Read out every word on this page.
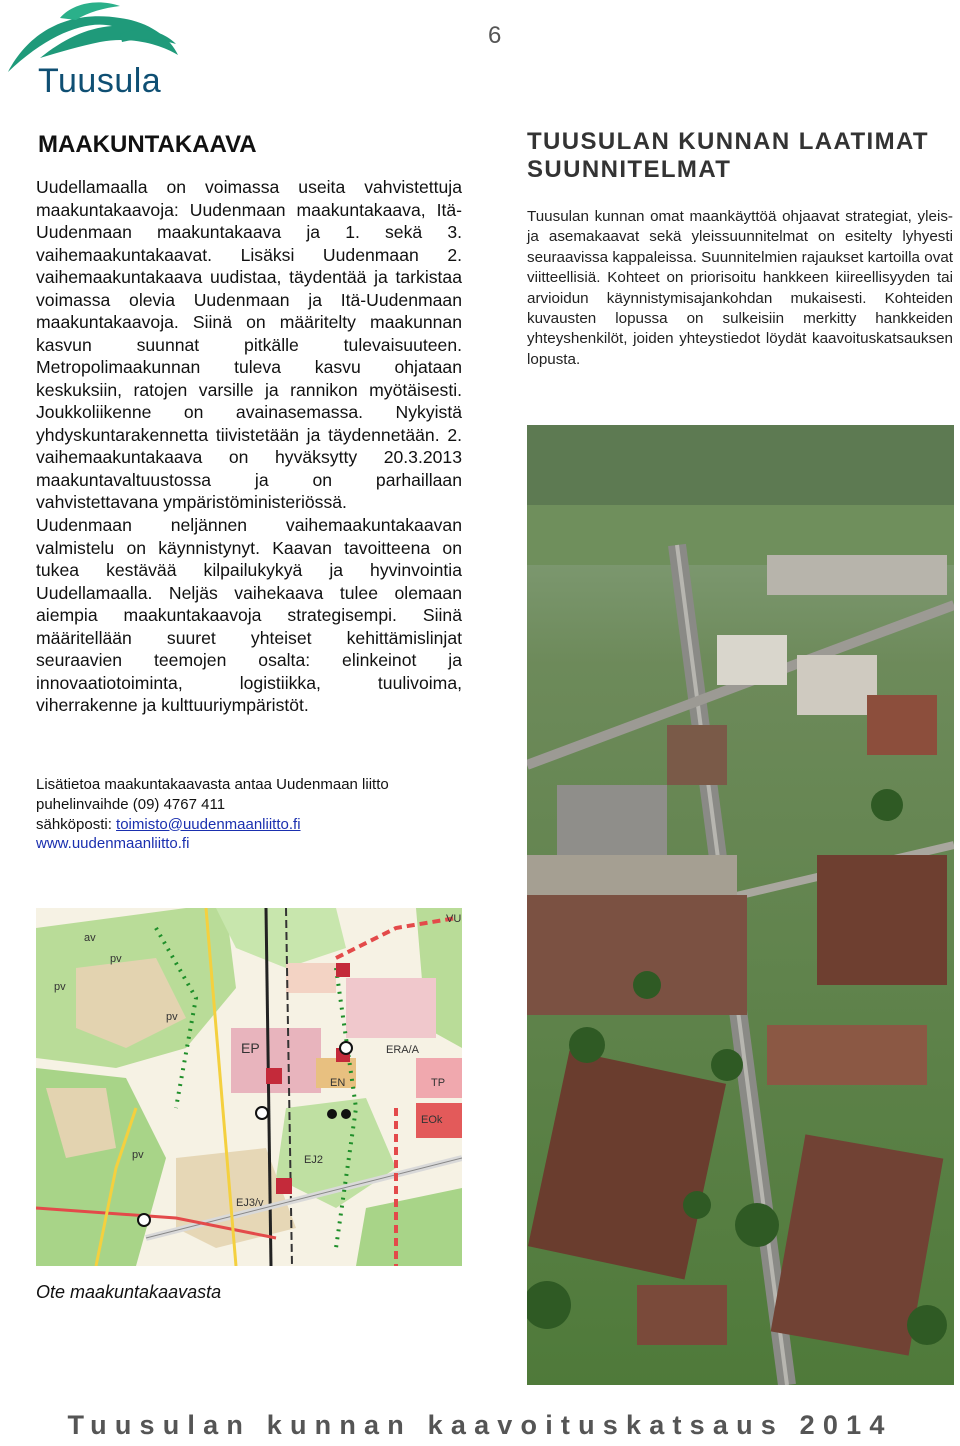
Tuusula
6
MAAKUNTAKAAVA

Uudellamaalla on voimassa useita vahvistettuja maakuntakaavoja: Uudenmaan maakuntakaava, Itä-Uudenmaan maakuntakaava ja 1. sekä 3. vaihemaakuntakaavat. Lisäksi Uudenmaan 2. vaihemaakuntakaava uudistaa, täydentää ja tarkistaa voimassa olevia Uudenmaan ja Itä-Uudenmaan maakuntakaavoja. Siinä on määritelty maakunnan kasvun suunnat pitkälle tulevaisuuteen. Metropolimaakunnan tuleva kasvu ohjataan keskuksiin, ratojen varsille ja rannikon myötäisesti. Joukkoliikenne on avainasemassa. Nykyistä yhdyskuntarakennetta tiivistetään ja täydennetään. 2. vaihemaakuntakaava on hyväksytty 20.3.2013 maakuntavaltuustossa ja on parhaillaan vahvistettavana ympäristöministeriössä.

Uudenmaan neljännen vaihemaakuntakaavan valmistelu on käynnistynyt. Kaavan tavoitteena on tukea kestävää kilpailukykyä ja hyvinvointia Uudellamaalla. Neljäs vaihekaava tulee olemaan aiempia maakuntakaavoja strategisempi. Siinä määritellään suuret yhteiset kehittämislinjat seuraavien teemojen osalta: elinkeinot ja innovaatiotoiminta, logistiikka, tuulivoima, viherrakenne ja kulttuuriympäristöt.

Lisätietoa maakuntakaavasta antaa Uudenmaan liitto
puhelinvaihde (09) 4767 411
sähköposti: toimisto@uudenmaanliitto.fi
www.uudenmaanliitto.fi
av
pv
pv
pv
EP
EN	TP
EOk
EJ2
EJ3/v
VU
ERA/A
pv
Ote maakuntakaavasta
TUUSULAN KUNNAN LAATIMAT SUUNNITELMAT

Tuusulan kunnan omat maankäyttöä ohjaavat strategiat, yleis- ja asemakaavat sekä yleissuunnitelmat on esitelty lyhyesti seuraavissa kappaleissa. Suunnitelmien rajaukset kartoilla ovat viitteellisiä. Kohteet on priorisoitu hankkeen kiireellisyyden tai arvioidun käynnistymisajankohdan mukaisesti. Kohteiden kuvausten lopussa on sulkeisiin merkitty hankkeiden yhteyshenkilöt, joiden yhteystiedot löydät kaavoituskatsauksen lopusta.

Tuusulan kunnan kaavoituskatsaus 2014
